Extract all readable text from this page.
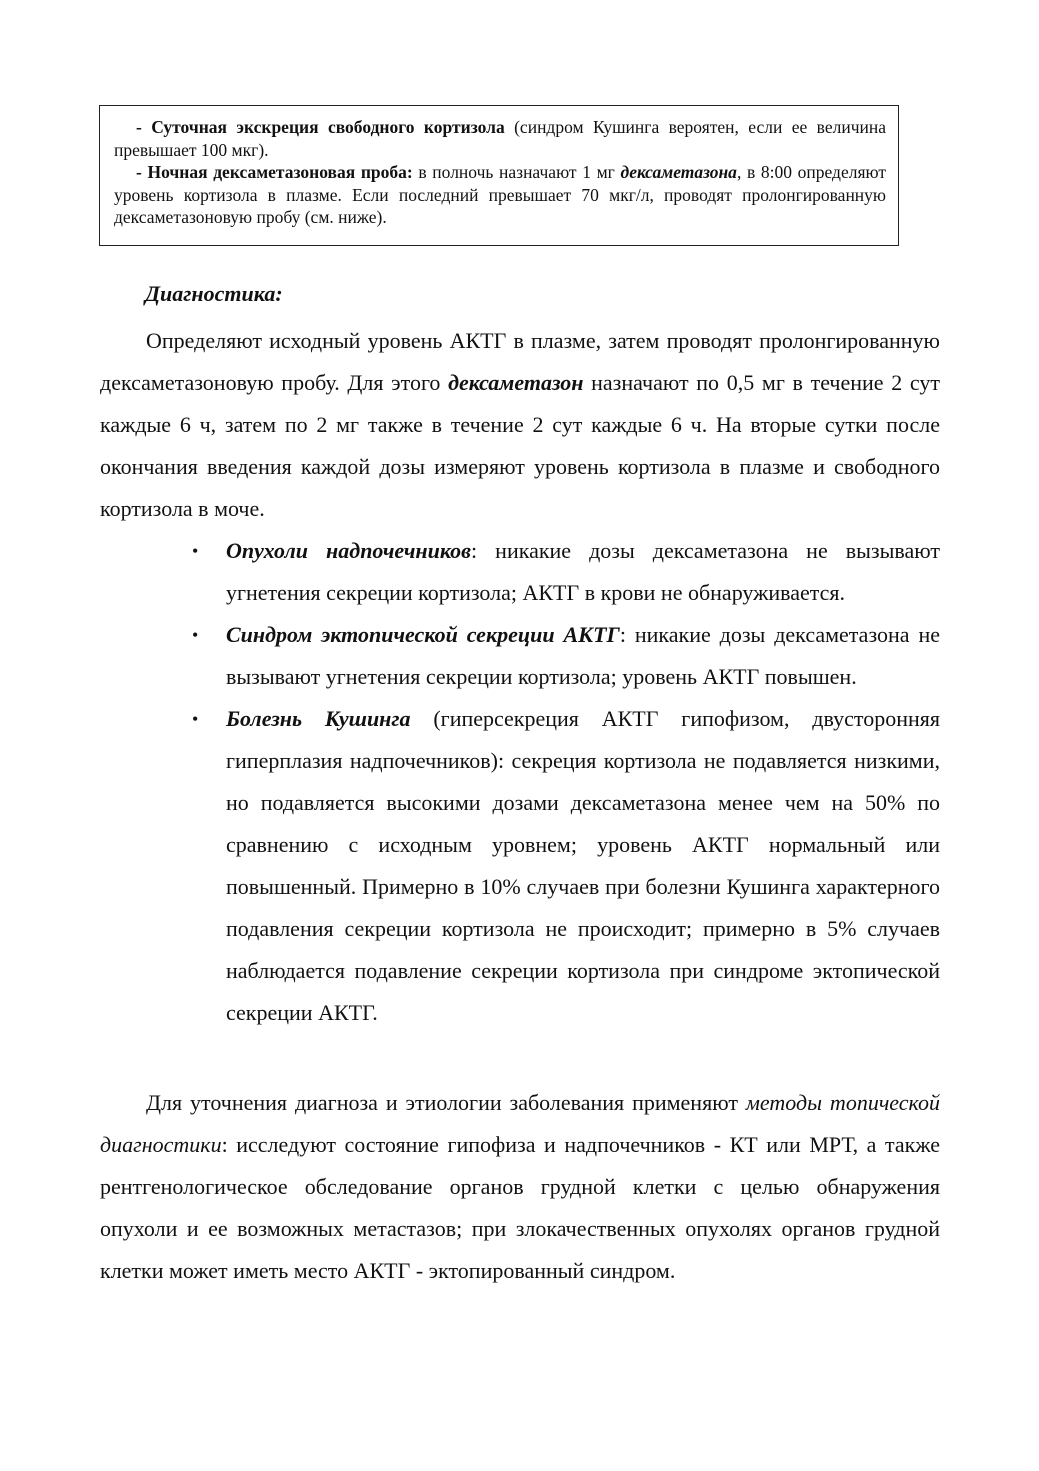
- Суточная экскреция свободного кортизола (синдром Кушинга вероятен, если ее величина превышает 100 мкг).

- Ночная дексаметазоновая проба: в полночь назначают 1 мг дексаметазона, в 8:00 определяют уровень кортизола в плазме. Если последний превышает 70 мкг/л, проводят пролонгированную дексаметазоновую пробу (см. ниже).

Диагностика:

Определяют исходный уровень АКТГ в плазме, затем проводят пролонгированную дексаметазоновую пробу. Для этого дексаметазон назначают по 0,5 мг в течение 2 сут каждые 6 ч, затем по 2 мг также в течение 2 сут каждые 6 ч. На вторые сутки после окончания введения каждой дозы измеряют уровень кортизола в плазме и свободного кортизола в моче.

• Опухоли надпочечников: никакие дозы дексаметазона не вызывают угнетения секреции кортизола; АКТГ в крови не обнаруживается.
• Синдром эктопической секреции АКТГ: никакие дозы дексаметазона не вызывают угнетения секреции кортизола; уровень АКТГ повышен.
• Болезнь Кушинга (гиперсекреция АКТГ гипофизом, двусторонняя гиперплазия надпочечников): секреция кортизола не подавляется низкими, но подавляется высокими дозами дексаметазона менее чем на 50% по сравнению с исходным уровнем; уровень АКТГ нормальный или повышенный. Примерно в 10% случаев при болезни Кушинга характерного подавления секреции кортизола не происходит; примерно в 5% случаев наблюдается подавление секреции кортизола при синдроме эктопической секреции АКТГ.

Для уточнения диагноза и этиологии заболевания применяют методы топической диагностики: исследуют состояние гипофиза и надпочечников - КТ или МРТ, а также рентгенологическое обследование органов грудной клетки с целью обнаружения опухоли и ее возможных метастазов; при злокачественных опухолях органов грудной клетки может иметь место АКТГ - эктопированный синдром.
